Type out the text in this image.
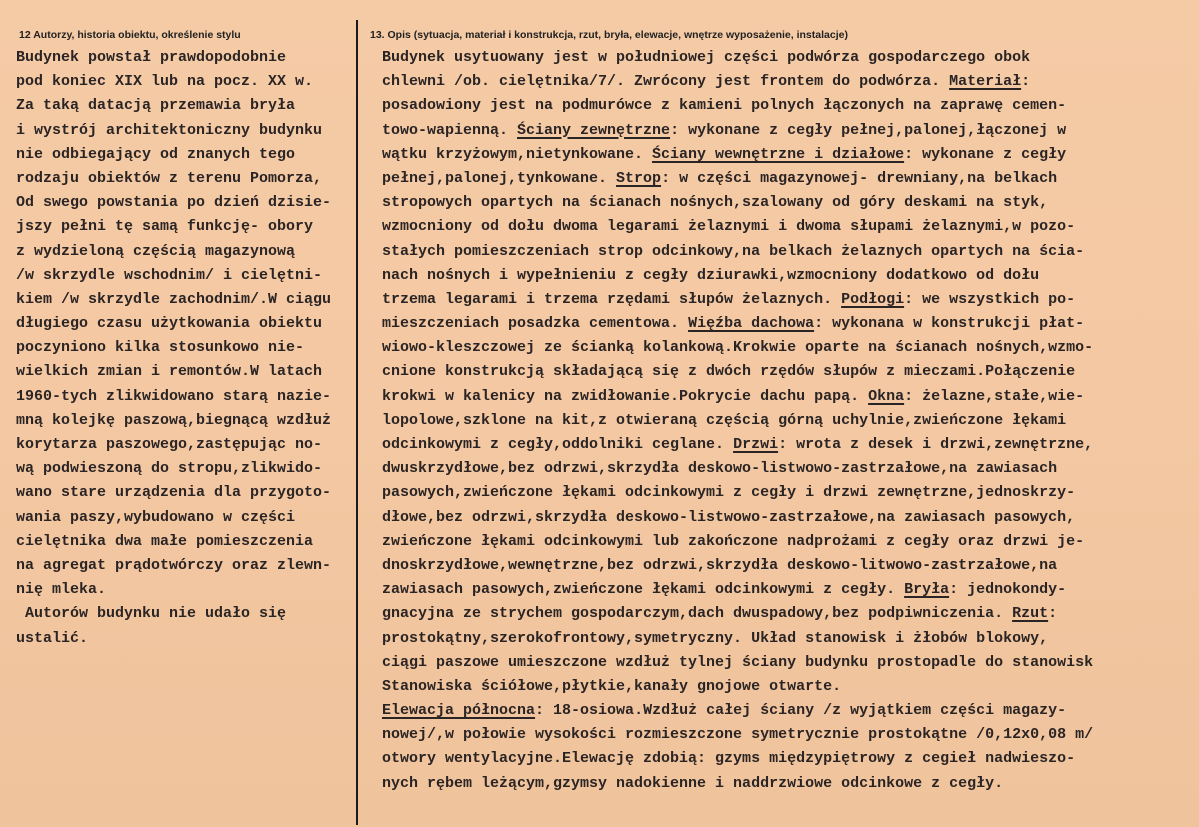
12 Autorzy, historia obiektu, określenie stylu
Budynek powstał prawdopodobnie
pod koniec XIX lub na pocz. XX w.
Za taką datacją przemawia bryła
i wystrój architektoniczny budynku
nie odbiegający od znanych tego
rodzaju obiektów z terenu Pomorza,
Od swego powstania po dzień dzisie-
jszy pełni tę samą funkcję- obory
z wydzieloną częścią magazynową
/w skrzydle wschodnim/ i cielętni-
kiem /w skrzydle zachodnim/.W ciągu
długiego czasu użytkowania obiektu
poczyniono kilka stosunkowo nie-
wielkich zmian i remontów.W latach
1960-tych zlikwidowano starą nazie-
mną kolejkę paszową,biegnącą wzdłuż
korytarza paszowego,zastępując no-
wą podwieszoną do stropu,zlikwido-
wano stare urządzenia dla przygoto-
wania paszy,wybudowano w części
cielętnika dwa małe pomieszczenia
na agregat prądotwórczy oraz zlewn-
nię mleka.
Autorów budynku nie udało się
ustalić.
13. Opis (sytuacja, materiał i konstrukcja, rzut, bryła, elewacje, wnętrze wyposażenie, instalacje)
Budynek usytuowany jest w południowej części podwórza gospodarczego obok
chlewni /ob. cielętnika/7/. Zwrócony jest frontem do podwórza. Materiał:
posadowiony jest na podmurówce z kamieni polnych łączonych na zaprawę cemen-
towo-wapienną. Ściany zewnętrzne: wykonane z cegły pełnej,palonej,łączonej w
wątku krzyżowym,nietynkowane. Ściany wewnętrzne i działowe: wykonane z cegły
pełnej,palonej,tynkowane. Strop: w części magazynowej- drewniany,na belkach
stropowych opartych na ścianach nośnych,szalowany od góry deskami na styk,
wzmocniony od dołu dwoma legarami żelaznymi i dwoma słupami żelaznymi,w pozo-
stałych pomieszczeniach strop odcinkowy,na belkach żelaznych opartych na ścia-
nach nośnych i wypełnieniu z cegły dziurawki,wzmocniony dodatkowo od dołu
trzema legarami i trzema rzędami słupów żelaznych. Podłogi: we wszystkich po-
mieszczeniach posadzka cementowa. Więźba dachowa: wykonana w konstrukcji płat-
wiowo-kleszczowej ze ścianką kolankową.Krokwie oparte na ścianach nośnych,wzmo-
cnione konstrukcją składającą się z dwóch rzędów słupów z mieczami.Połączenie
krokwi w kalenicy na zwidłowanie.Pokrycie dachu papą. Okna: żelazne,stałe,wie-
lopolowe,szklone na kit,z otwieraną częścią górną uchylnie,zwieńczone łękami
odcinkowymi z cegły,oddolniki ceglane. Drzwi: wrota z desek i drzwi,zewnętrzne,
dwuskrzydłowe,bez odrzwi,skrzydła deskowo-listwowo-zastrzałowe,na zawiasach
pasowych,zwieńczone łękami odcinkowymi z cegły i drzwi zewnętrzne,jednoskrzy-
dłowe,bez odrzwi,skrzydła deskowo-listwowo-zastrzałowe,na zawiasach pasowych,
zwieńczone łękami odcinkowymi lub zakończone nadprożami z cegły oraz drzwi je-
dnoskrzydłowe,wewnętrzne,bez odrzwi,skrzydła deskowo-litwowo-zastrzałowe,na
zawiasach pasowych,zwieńczone łękami odcinkowymi z cegły. Bryła: jednokondy-
gnacyjna ze strychem gospodarczym,dach dwuspadowy,bez podpiwniczenia. Rzut:
prostokątny,szerokofrontowy,symetryczny. Układ stanowisk i żłobów blokowy,
ciągi paszowe umieszczone wzdłuż tylnej ściany budynku prostopadle do stanowisk
Stanowiska ściółowe,płytkie,kanały gnojowe otwarte.
Elewacja północna: 18-osiowa.Wzdłuż całej ściany /z wyjątkiem części magazy-
nowej/,w połowie wysokości rozmieszczone symetrycznie prostokątne /0,12x0,08 m/
otwory wentylacyjne.Elewację zdobią: gzyms międzypiętrowy z cegieł nadwieszo-
nych rębem leżącym,gzymsy nadokienne i naddrzwiowe odcinkowe z cegły.
